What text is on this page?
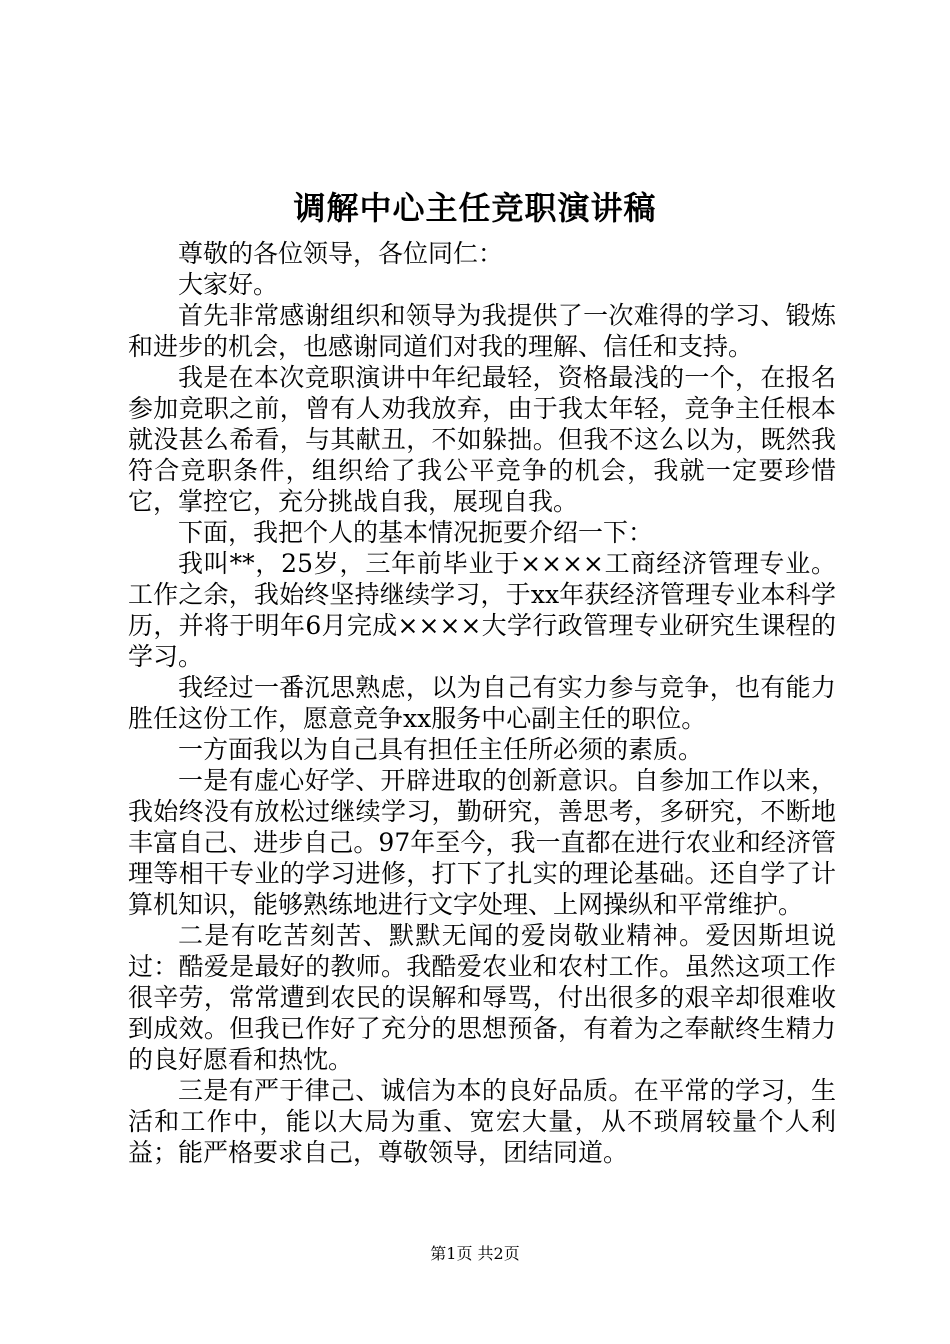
调解中心主任竞职演讲稿

尊敬的各位领导，各位同仁：

大家好。

首先非常感谢组织和领导为我提供了一次难得的学习、锻炼和进步的机会，也感谢同道们对我的理解、信任和支持。

我是在本次竞职演讲中年纪最轻，资格最浅的一个，在报名参加竞职之前，曾有人劝我放弃，由于我太年轻，竞争主任根本就没甚么希看，与其献丑，不如躲拙。但我不这么以为，既然我符合竞职条件，组织给了我公平竞争的机会，我就一定要珍惜它，掌控它，充分挑战自我，展现自我。

下面，我把个人的基本情况扼要介绍一下：

我叫**，25岁，三年前毕业于××××工商经济管理专业。工作之余，我始终坚持继续学习，于xx年获经济管理专业本科学历，并将于明年6月完成××××大学行政管理专业研究生课程的学习。

我经过一番沉思熟虑，以为自己有实力参与竞争，也有能力胜任这份工作，愿意竞争xx服务中心副主任的职位。

一方面我以为自己具有担任主任所必须的素质。

一是有虚心好学、开辟进取的创新意识。自参加工作以来，我始终没有放松过继续学习，勤研究，善思考，多研究，不断地丰富自己、进步自己。97年至今，我一直都在进行农业和经济管理等相干专业的学习进修，打下了扎实的理论基础。还自学了计算机知识，能够熟练地进行文字处理、上网操纵和平常维护。

二是有吃苦刻苦、默默无闻的爱岗敬业精神。爱因斯坦说过：酷爱是最好的教师。我酷爱农业和农村工作。虽然这项工作很辛劳，常常遭到农民的误解和辱骂，付出很多的艰辛却很难收到成效。但我已作好了充分的思想预备，有着为之奉献终生精力的良好愿看和热忱。

三是有严于律己、诚信为本的良好品质。在平常的学习，生活和工作中，能以大局为重、宽宏大量，从不琐屑较量个人利益；能严格要求自己，尊敬领导，团结同道。

第1页 共2页
